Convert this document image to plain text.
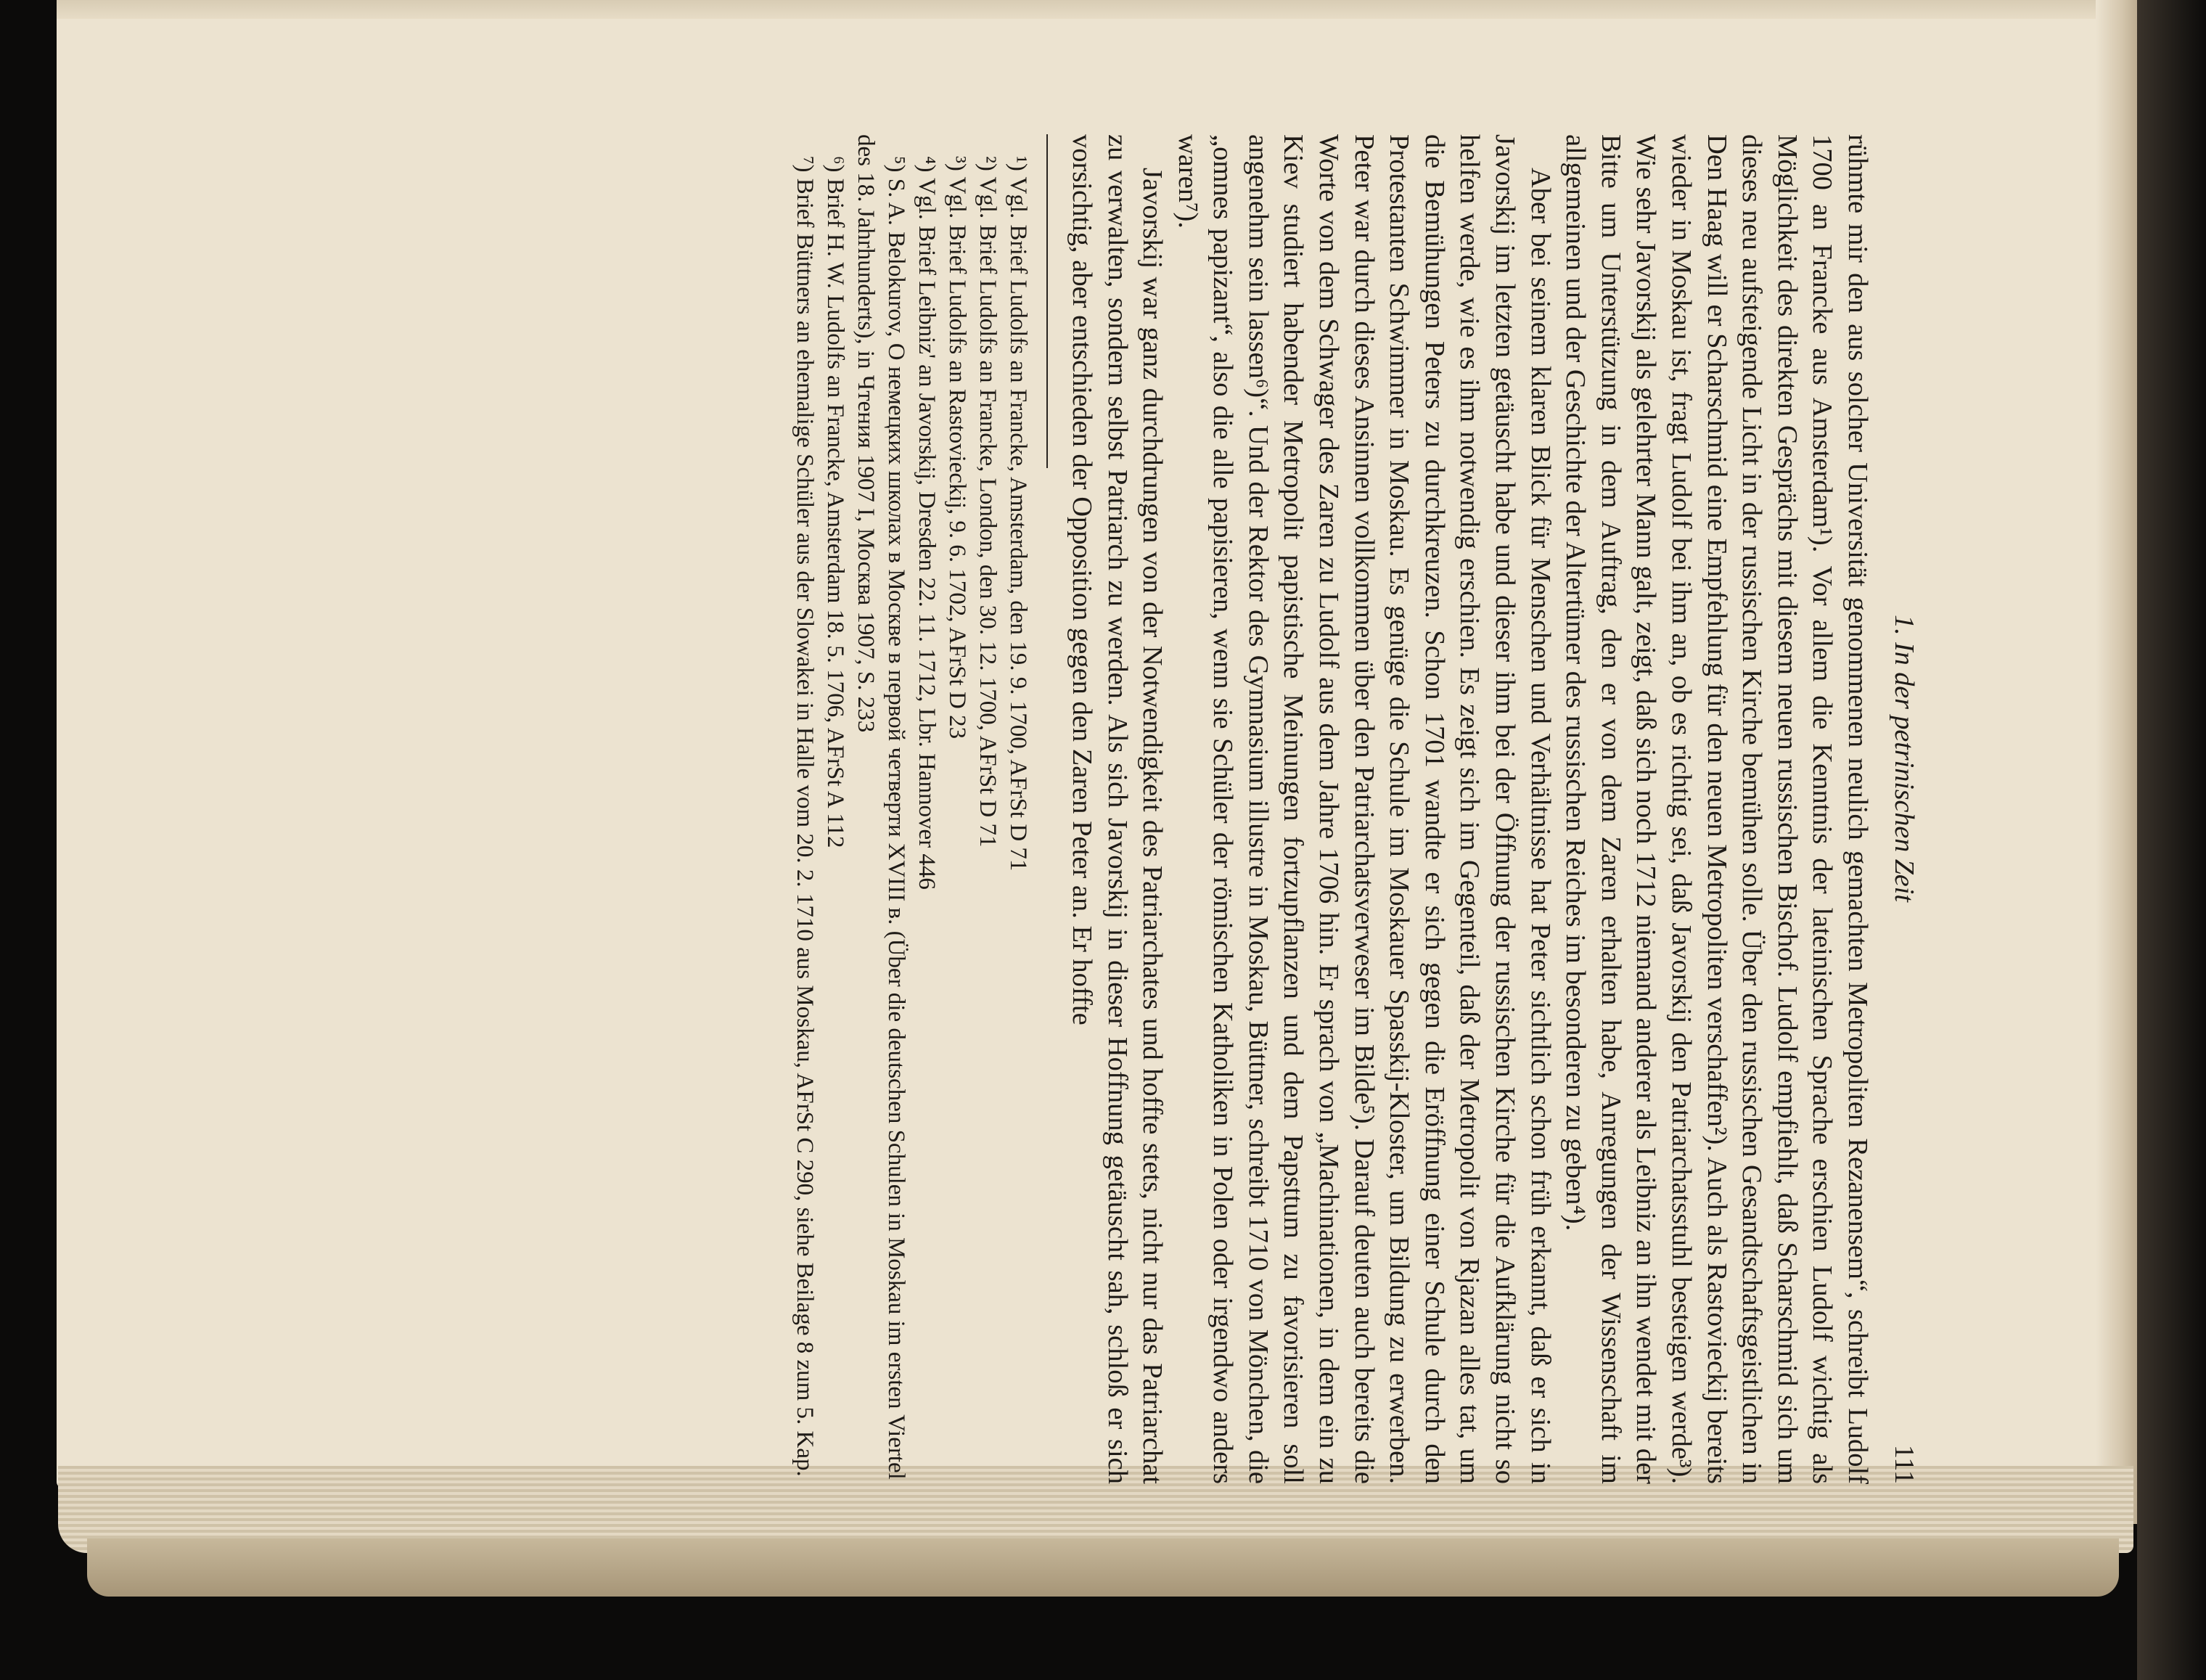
1. In der petrinischen Zeit
111

rühmte mir den aus solcher Universität genommenen neulich gemachten Metropoliten Rezanensem“, schreibt Ludolf 1700 an Francke aus Amsterdam¹). Vor allem die Kenntnis der lateinischen Sprache erschien Ludolf wichtig als Möglichkeit des direkten Gesprächs mit diesem neuen russischen Bischof. Ludolf empfiehlt, daß Scharschmid sich um dieses neu aufsteigende Licht in der russischen Kirche bemühen solle. Über den russischen Gesandtschaftsgeistlichen in Den Haag will er Scharschmid eine Empfehlung für den neuen Metropoliten verschaffen²). Auch als Rastovieckij bereits wieder in Moskau ist, fragt Ludolf bei ihm an, ob es richtig sei, daß Javorskij den Patriarchatsstuhl besteigen werde³). Wie sehr Javorskij als gelehrter Mann galt, zeigt, daß sich noch 1712 niemand anderer als Leibniz an ihn wendet mit der Bitte um Unterstützung in dem Auftrag, den er von dem Zaren erhalten habe, Anregungen der Wissenschaft im allgemeinen und der Geschichte der Altertümer des russischen Reiches im besonderen zu geben⁴).

Aber bei seinem klaren Blick für Menschen und Verhältnisse hat Peter sichtlich schon früh erkannt, daß er sich in Javorskij im letzten getäuscht habe und dieser ihm bei der Öffnung der russischen Kirche für die Aufklärung nicht so helfen werde, wie es ihm notwendig erschien. Es zeigt sich im Gegenteil, daß der Metropolit von Rjazan alles tat, um die Bemühungen Peters zu durchkreuzen. Schon 1701 wandte er sich gegen die Eröffnung einer Schule durch den Protestanten Schwimmer in Moskau. Es genüge die Schule im Moskauer Spasskij-Kloster, um Bildung zu erwerben. Peter war durch dieses Ansinnen vollkommen über den Patriarchatsverweser im Bilde⁵). Darauf deuten auch bereits die Worte von dem Schwager des Zaren zu Ludolf aus dem Jahre 1706 hin. Er sprach von „Machinationen, in dem ein zu Kiev studiert habender Metropolit papistische Meinungen fortzupflanzen und dem Papsttum zu favorisieren soll angenehm sein lassen⁶)“. Und der Rektor des Gymnasium illustre in Moskau, Büttner, schreibt 1710 von Mönchen, die „omnes papizant“, also die alle papisieren, wenn sie Schüler der römischen Katholiken in Polen oder irgendwo anders waren⁷).

Javorskij war ganz durchdrungen von der Notwendigkeit des Patriarchates und hoffte stets, nicht nur das Patriarchat zu verwalten, sondern selbst Patriarch zu werden. Als sich Javorskij in dieser Hoffnung getäuscht sah, schloß er sich vorsichtig, aber entschieden der Opposition gegen den Zaren Peter an. Er hoffte

¹) Vgl. Brief Ludolfs an Francke, Amsterdam, den 19. 9. 1700, AFrSt D 71

²) Vgl. Brief Ludolfs an Francke, London, den 30. 12. 1700, AFrSt D 71

³) Vgl. Brief Ludolfs an Rastovieckij, 9. 6. 1702, AFrSt D 23

⁴) Vgl. Brief Leibniz' an Javorskij, Dresden 22. 11. 1712, Lbr. Hannover 446

⁵) S. A. Belokurov, O немецких школах в Москве в первой четверти XVIII в. (Über die deutschen Schulen in Moskau im ersten Viertel des 18. Jahrhunderts), in Чтения 1907 I, Москва 1907, S. 233

⁶) Brief H. W. Ludolfs an Francke, Amsterdam 18. 5. 1706, AFrSt A 112

⁷) Brief Büttners an ehemalige Schüler aus der Slowakei in Halle vom 20. 2. 1710 aus Moskau, AFrSt C 290, siehe Beilage 8 zum 5. Kap.
